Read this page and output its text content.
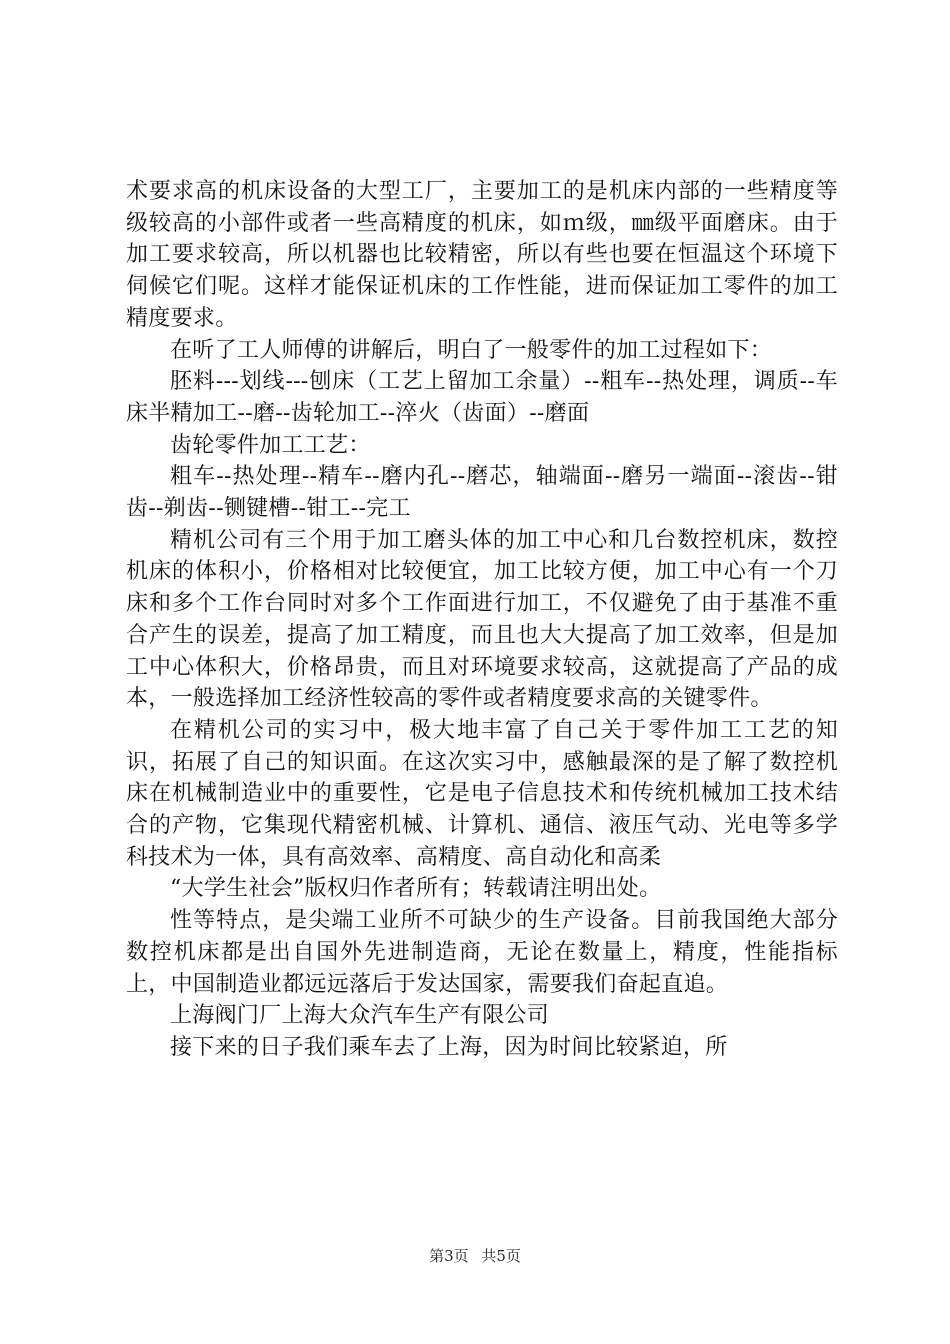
术要求高的机床设备的大型工厂，主要加工的是机床内部的一些精度等级较高的小部件或者一些高精度的机床，如ｍ级，㎜级平面磨床。由于加工要求较高，所以机器也比较精密，所以有些也要在恒温这个环境下伺候它们呢。这样才能保证机床的工作性能，进而保证加工零件的加工精度要求。

在听了工人师傅的讲解后，明白了一般零件的加工过程如下：

胚料---划线---刨床（工艺上留加工余量）--粗车--热处理，调质--车床半精加工--磨--齿轮加工--淬火（齿面）--磨面

齿轮零件加工工艺：

粗车--热处理--精车--磨内孔--磨芯，轴端面--磨另一端面--滚齿--钳齿--剃齿--铡键槽--钳工--完工

精机公司有三个用于加工磨头体的加工中心和几台数控机床，数控机床的体积小，价格相对比较便宜，加工比较方便，加工中心有一个刀床和多个工作台同时对多个工作面进行加工，不仅避免了由于基准不重合产生的误差，提高了加工精度，而且也大大提高了加工效率，但是加工中心体积大，价格昂贵，而且对环境要求较高，这就提高了产品的成本，一般选择加工经济性较高的零件或者精度要求高的关键零件。

在精机公司的实习中，极大地丰富了自己关于零件加工工艺的知识，拓展了自己的知识面。在这次实习中，感触最深的是了解了数控机床在机械制造业中的重要性，它是电子信息技术和传统机械加工技术结合的产物，它集现代精密机械、计算机、通信、液压气动、光电等多学科技术为一体，具有高效率、高精度、高自动化和高柔

“大学生社会”版权归作者所有；转载请注明出处。

性等特点，是尖端工业所不可缺少的生产设备。目前我国绝大部分数控机床都是出自国外先进制造商，无论在数量上，精度，性能指标上，中国制造业都远远落后于发达国家，需要我们奋起直追。

上海阀门厂上海大众汽车生产有限公司

接下来的日子我们乘车去了上海，因为时间比较紧迫，所

第3页 共5页
